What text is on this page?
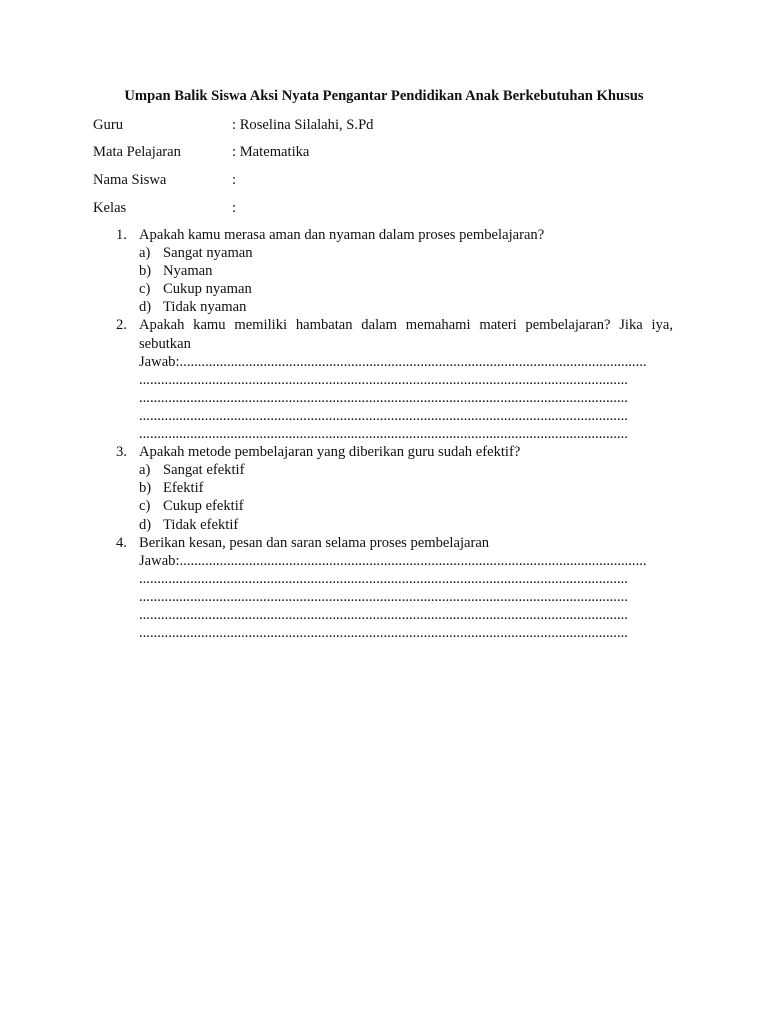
Umpan Balik Siswa Aksi Nyata Pengantar Pendidikan Anak Berkebutuhan Khusus
Guru	: Roselina Silalahi, S.Pd
Mata Pelajaran	: Matematika
Nama Siswa	:
Kelas	:
1. Apakah kamu merasa aman dan nyaman dalam proses pembelajaran?
a) Sangat nyaman
b) Nyaman
c) Cukup nyaman
d) Tidak nyaman
2. Apakah kamu memiliki hambatan dalam memahami materi pembelajaran? Jika iya, sebutkan
Jawab:................................................................................................................................
......................................................................................................................................
......................................................................................................................................
......................................................................................................................................
......................................................................................................................................
3. Apakah metode pembelajaran yang diberikan guru sudah efektif?
a) Sangat efektif
b) Efektif
c) Cukup efektif
d) Tidak efektif
4. Berikan kesan, pesan dan saran selama proses pembelajaran
Jawab:................................................................................................................................
......................................................................................................................................
......................................................................................................................................
......................................................................................................................................
......................................................................................................................................
